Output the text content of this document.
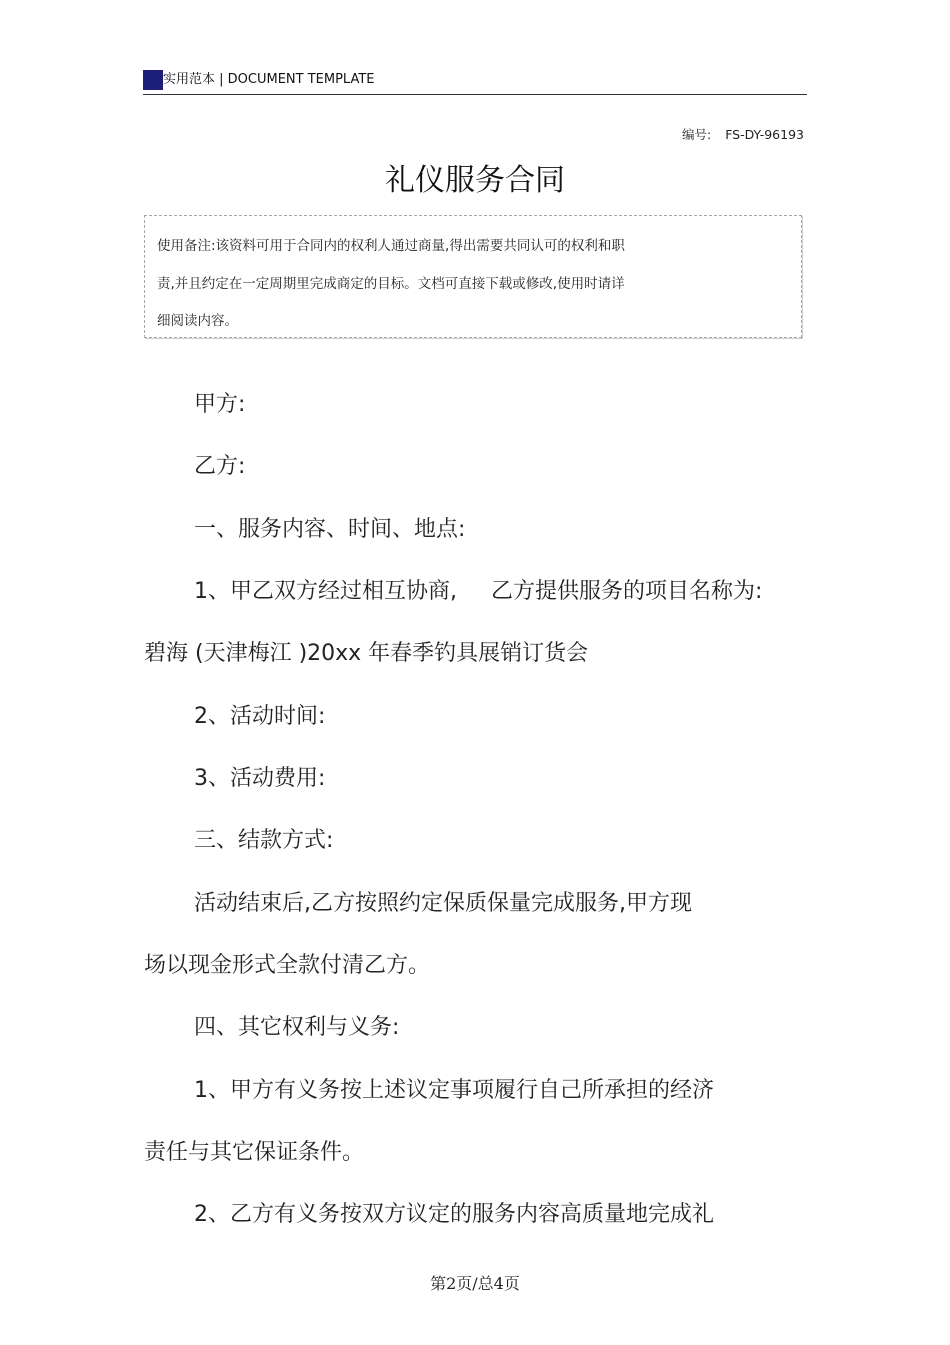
实用范本 | DOCUMENT TEMPLATE
编号: FS-DY-96193
礼仪服务合同

使用备注:该资料可用于合同内的权利人通过商量,得出需要共同认可的权利和职

责,并且约定在一定周期里完成商定的目标。文档可直接下载或修改,使用时请详

细阅读内容。

甲方:
乙方:
一、服务内容、时间、地点:
1、甲乙双方经过相互协商, 乙方提供服务的项目名称为:
碧海 (天津梅江 )20xx 年春季钓具展销订货会
2、活动时间:
3、活动费用:
三、结款方式:
活动结束后,乙方按照约定保质保量完成服务,甲方现
场以现金形式全款付清乙方。
四、其它权利与义务:
1、甲方有义务按上述议定事项履行自己所承担的经济
责任与其它保证条件。
2、乙方有义务按双方议定的服务内容高质量地完成礼
第2页/总4页
